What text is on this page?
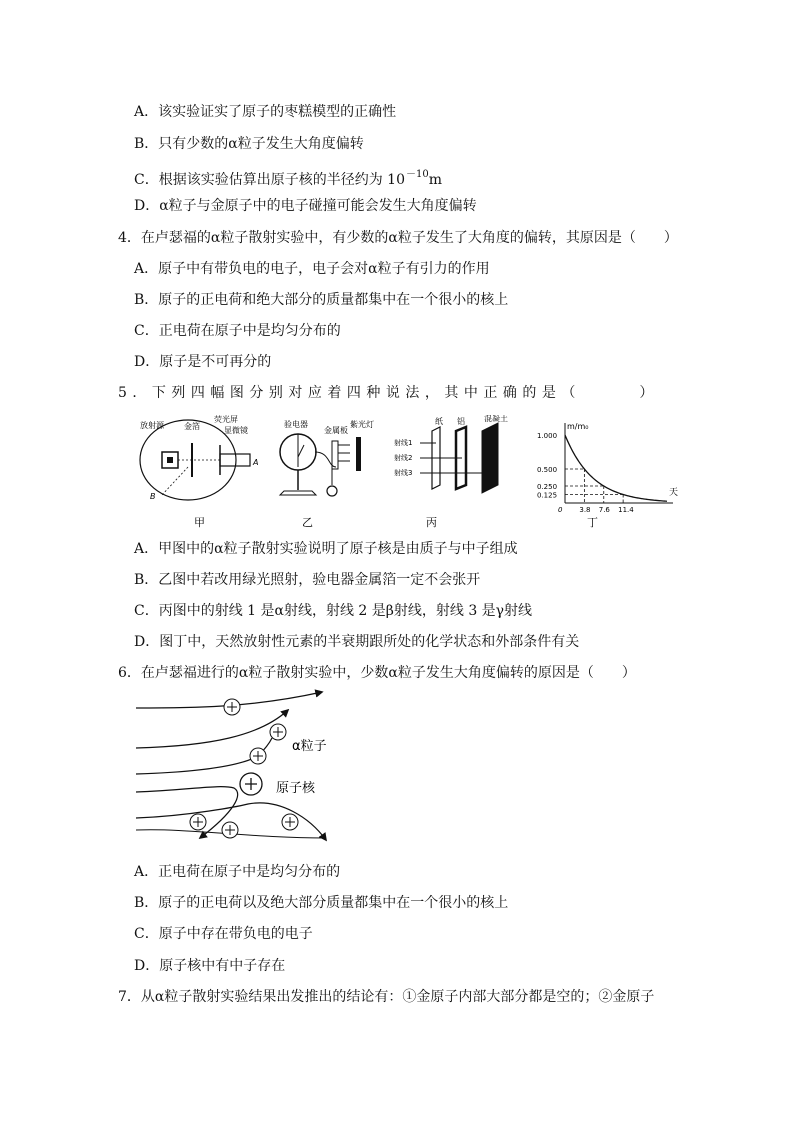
A．该实验证实了原子的枣糕模型的正确性
B．只有少数的α粒子发生大角度偏转
C．根据该实验估算出原子核的半径约为 $10^{-10}m$
D．α粒子与金原子中的电子碰撞可能会发生大角度偏转
4．在卢瑟福的α粒子散射实验中，有少数的α粒子发生了大角度的偏转，其原因是（　　）
A．原子中有带负电的电子，电子会对α粒子有引力的作用
B．原子的正电荷和绝大部分的质量都集中在一个很小的核上
C．正电荷在原子中是均匀分布的
D．原子是不可再分的
5．下列四幅图分别对应着四种说法，其中正确的是（　　　）
放射源	金箔
荧光屏
显微镜
A
B
甲
验电器
金属板
紫光灯
乙
纸 铝 混凝土
射线1
射线2
射线3
丙
1.000
0.500
0.250
0.125
0 3.8 7.6 11.4
m/m₀
天
丁
A．甲图中的α粒子散射实验说明了原子核是由质子与中子组成
B．乙图中若改用绿光照射，验电器金属箔一定不会张开
C．丙图中的射线 1 是α射线，射线 2 是β射线，射线 3 是γ射线
D．图丁中，天然放射性元素的半衰期跟所处的化学状态和外部条件有关
6．在卢瑟福进行的α粒子散射实验中，少数α粒子发生大角度偏转的原因是（　　）
α粒子
原子核
A．正电荷在原子中是均匀分布的
B．原子的正电荷以及绝大部分质量都集中在一个很小的核上
C．原子中存在带负电的电子
D．原子核中有中子存在
7．从α粒子散射实验结果出发推出的结论有：①金原子内部大部分都是空的；②金原子
